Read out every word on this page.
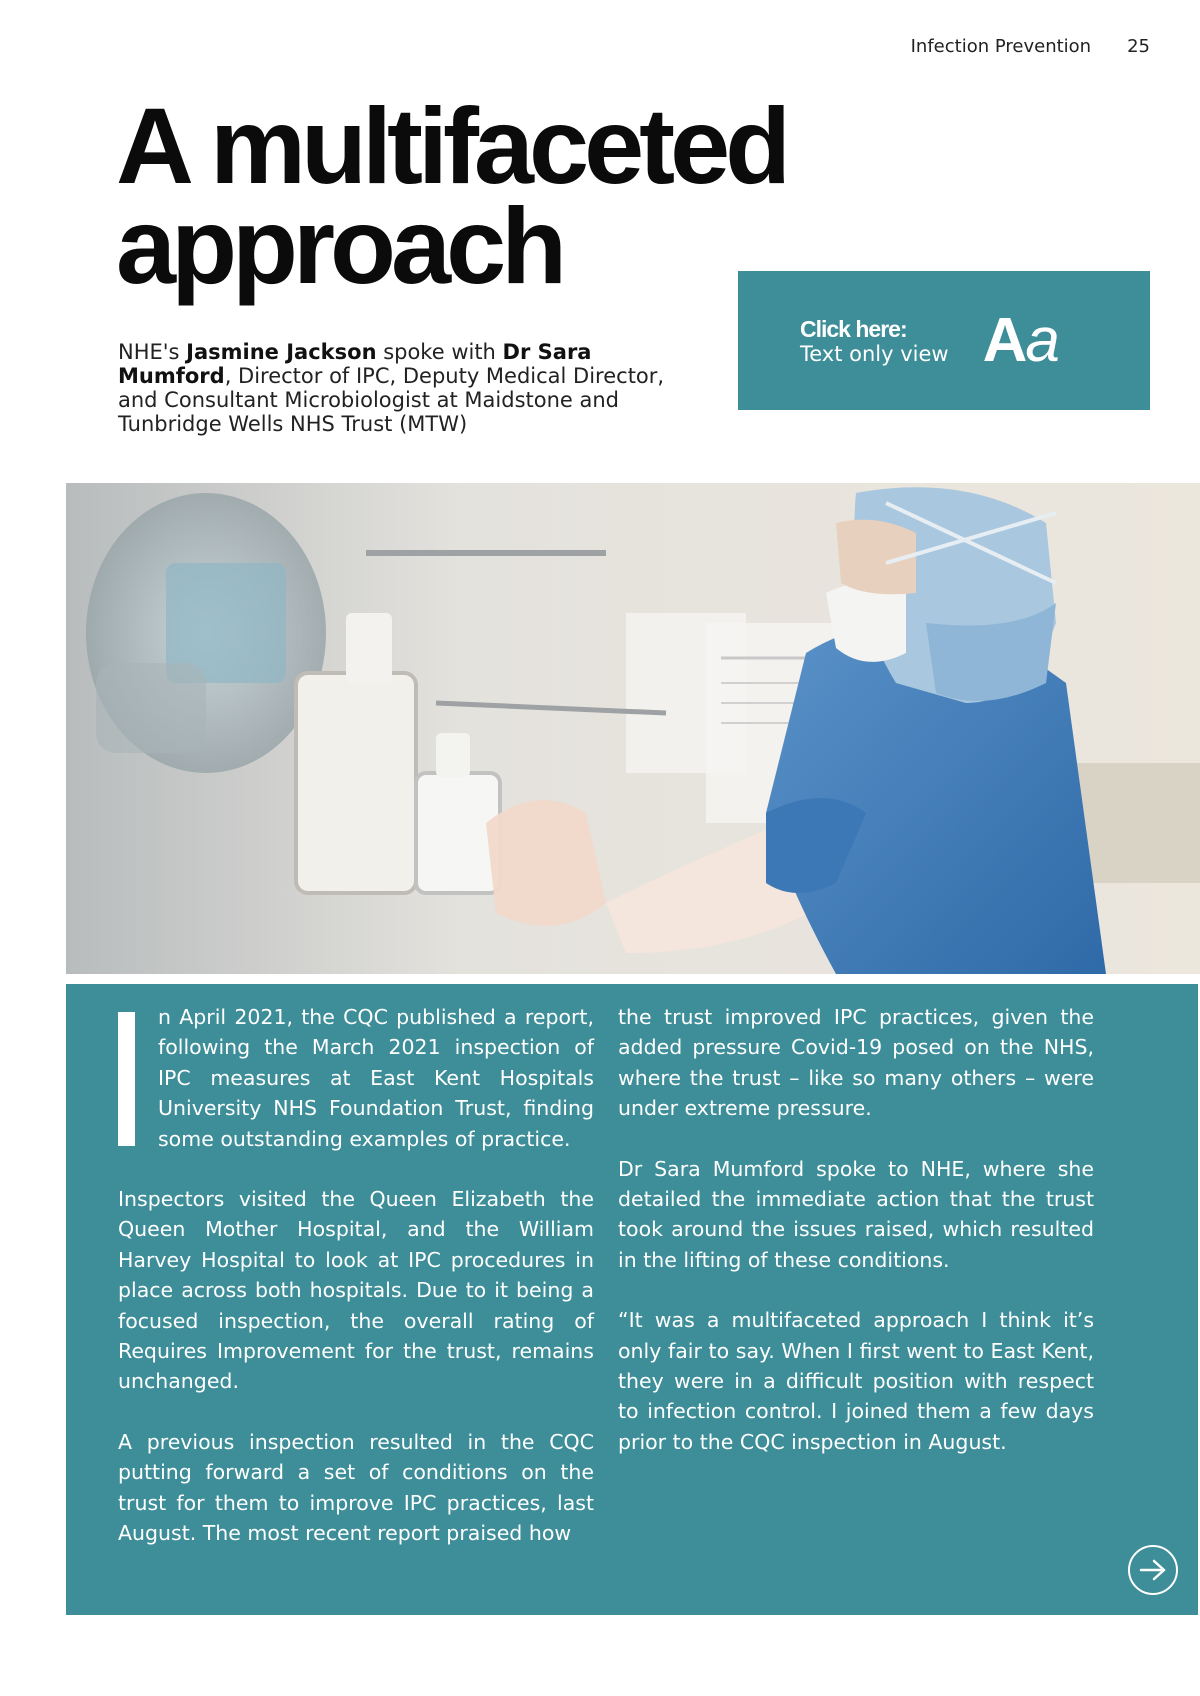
Infection Prevention 25
A multifaceted
approach

NHE's Jasmine Jackson spoke with Dr Sara Mumford, Director of IPC, Deputy Medical Director, and Consultant Microbiologist at Maidstone and Tunbridge Wells NHS Trust (MTW)

Click here:
Text only view Aa

n April 2021, the CQC published a report, following the March 2021 inspection of IPC measures at East Kent Hospitals University NHS Foundation Trust, finding some outstanding examples of practice.

Inspectors visited the Queen Elizabeth the Queen Mother Hospital, and the William Harvey Hospital to look at IPC procedures in place across both hospitals. Due to it being a focused inspection, the overall rating of Requires Improvement for the trust, remains unchanged.

A previous inspection resulted in the CQC putting forward a set of conditions on the trust for them to improve IPC practices, last August. The most recent report praised how

the trust improved IPC practices, given the added pressure Covid-19 posed on the NHS, where the trust – like so many others – were under extreme pressure.

Dr Sara Mumford spoke to NHE, where she detailed the immediate action that the trust took around the issues raised, which resulted in the lifting of these conditions.

“It was a multifaceted approach I think it’s only fair to say. When I first went to East Kent, they were in a difficult position with respect to infection control. I joined them a few days prior to the CQC inspection in August.
